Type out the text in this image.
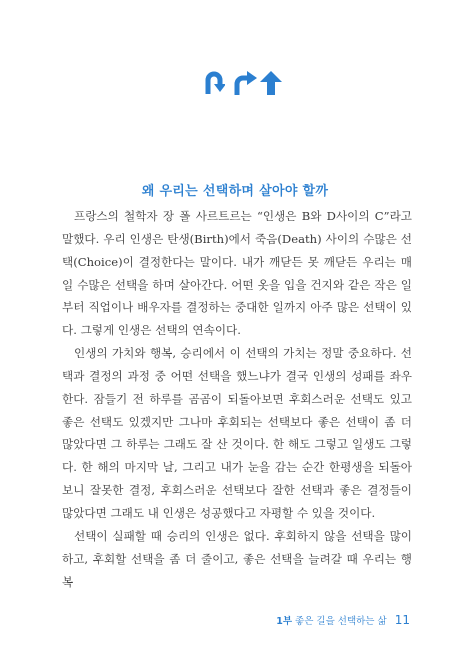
왜 우리는 선택하며 살아야 할까

프랑스의 철학자 장 폴 사르트르는 “인생은 B와 D사이의 C”라고 말했다. 우리 인생은 탄생(Birth)에서 죽음(Death) 사이의 수많은 선택(Choice)이 결정한다는 말이다. 내가 깨닫든 못 깨닫든 우리는 매일 수많은 선택을 하며 살아간다. 어떤 옷을 입을 건지와 같은 작은 일부터 직업이나 배우자를 결정하는 중대한 일까지 아주 많은 선택이 있다. 그렇게 인생은 선택의 연속이다.

인생의 가치와 행복, 승리에서 이 선택의 가치는 정말 중요하다. 선택과 결정의 과정 중 어떤 선택을 했느냐가 결국 인생의 성패를 좌우한다. 잠들기 전 하루를 곰곰이 되돌아보면 후회스러운 선택도 있고 좋은 선택도 있겠지만 그나마 후회되는 선택보다 좋은 선택이 좀 더 많았다면 그 하루는 그래도 잘 산 것이다. 한 해도 그렇고 일생도 그렇다. 한 해의 마지막 날, 그리고 내가 눈을 감는 순간 한평생을 되돌아보니 잘못한 결정, 후회스러운 선택보다 잘한 선택과 좋은 결정들이 많았다면 그래도 내 인생은 성공했다고 자평할 수 있을 것이다.

선택이 실패할 때 승리의 인생은 없다. 후회하지 않을 선택을 많이 하고, 후회할 선택을 좀 더 줄이고, 좋은 선택을 늘려갈 때 우리는 행복

1부 좋은 길을 선택하는 삶 11
